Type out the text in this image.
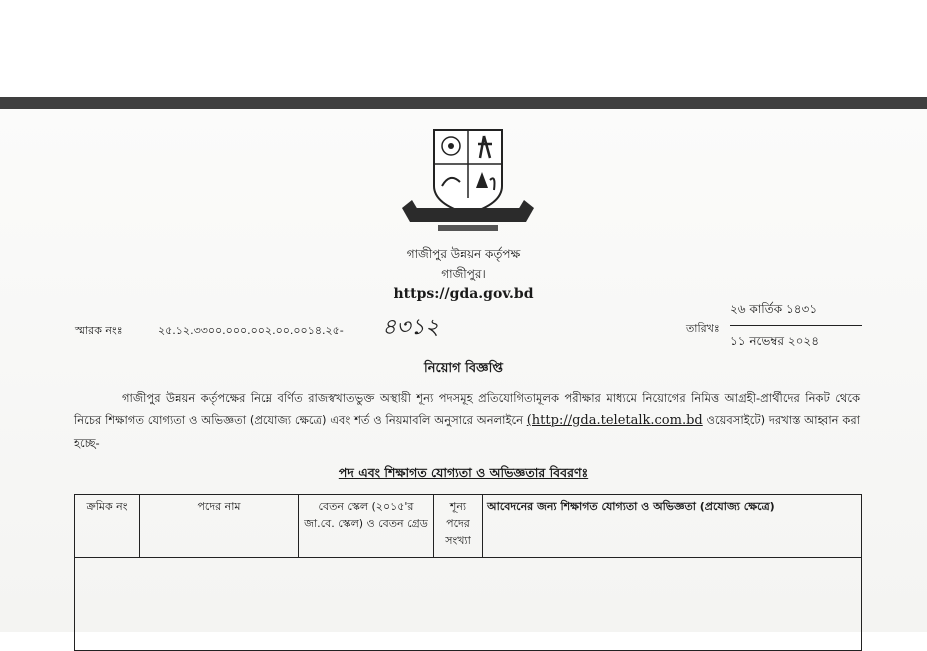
গাজীপুর উন্নয়ন কর্তৃপক্ষ
গাজীপুর।
https://gda.gov.bd
স্মারক নংঃ	২৫.১২.৩৩০০.০০০.০০২.০০.০০১৪.২৫- ৪৩১২	তারিখঃ
২৬ কার্তিক ১৪৩১
১১ নভেম্বর ২০২৪
নিয়োগ বিজ্ঞপ্তি
গাজীপুর উন্নয়ন কর্তৃপক্ষের নিম্নে বর্ণিত রাজস্বখাতভুক্ত অস্থায়ী শূন্য পদসমূহ প্রতিযোগিতামূলক পরীক্ষার মাধ্যমে নিয়োগের নিমিত্ত আগ্রহী-প্রার্থীদের নিকট থেকে নিচের শিক্ষাগত যোগ্যতা ও অভিজ্ঞতা (প্রযোজ্য ক্ষেত্রে) এবং শর্ত ও নিয়মাবলি অনুসারে অনলাইনে (http://gda.teletalk.com.bd ওয়েবসাইটে) দরখাস্ত আহ্বান করা হচ্ছে-
পদ এবং শিক্ষাগত যোগ্যতা ও অভিজ্ঞতার বিবরণঃ
ক্রমিক নং	পদের নাম	বেতন স্কেল (২০১৫'র জা.বে. স্কেল) ও বেতন গ্রেড	শূন্য পদের সংখ্যা	আবেদনের জন্য শিক্ষাগত যোগ্যতা ও অভিজ্ঞতা (প্রযোজ্য ক্ষেত্রে)
